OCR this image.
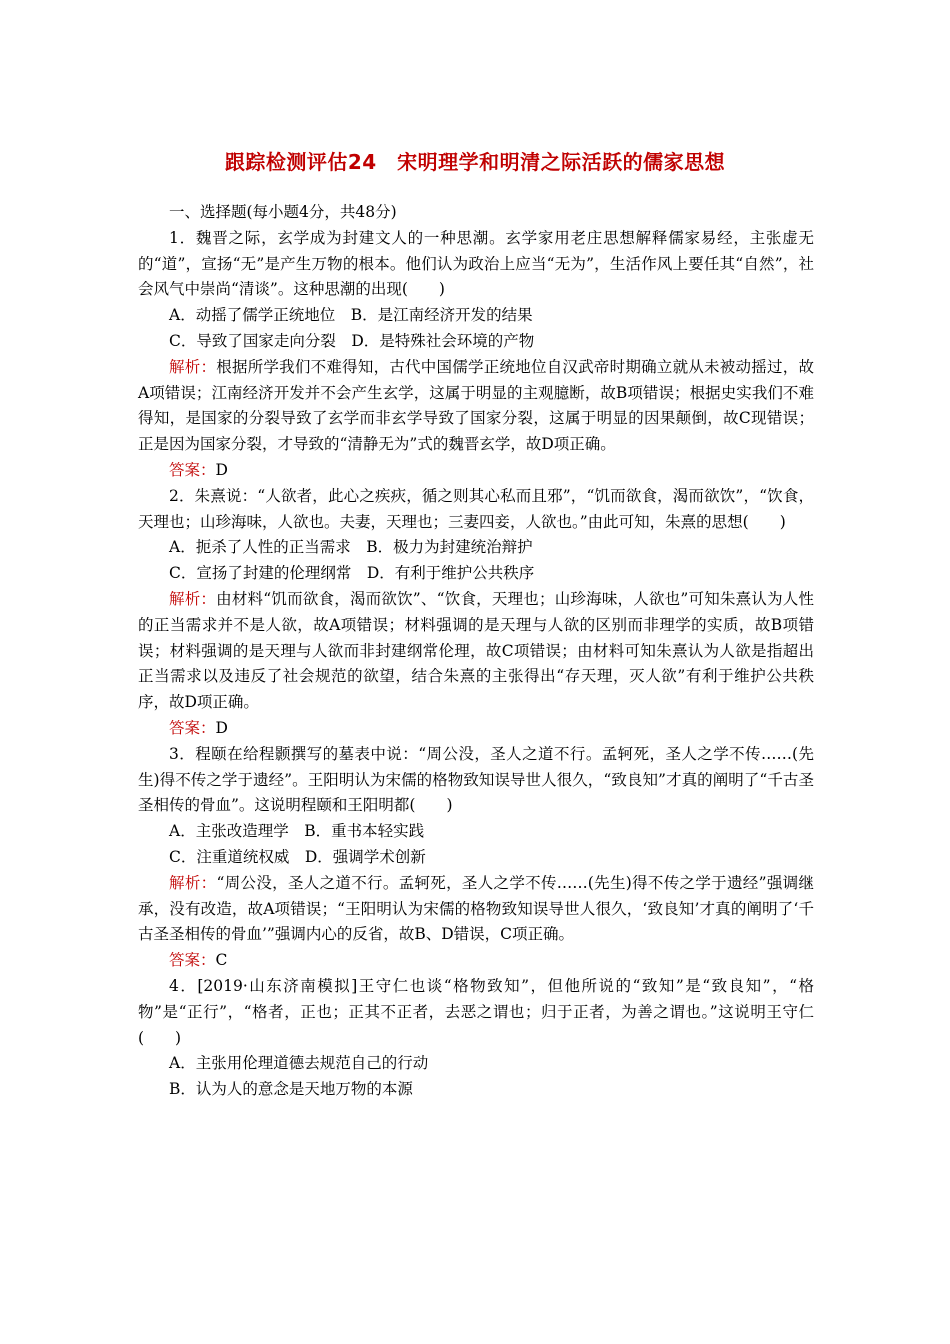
跟踪检测评估24　宋明理学和明清之际活跃的儒家思想

一、选择题(每小题4分，共48分)

1．魏晋之际，玄学成为封建文人的一种思潮。玄学家用老庄思想解释儒家易经，主张虚无的“道”，宣扬“无”是产生万物的根本。他们认为政治上应当“无为”，生活作风上要任其“自然”，社会风气中崇尚“清谈”。这种思潮的出现(　　)

A．动摇了儒学正统地位　B．是江南经济开发的结果

C．导致了国家走向分裂　D．是特殊社会环境的产物

解析：根据所学我们不难得知，古代中国儒学正统地位自汉武帝时期确立就从未被动摇过，故A项错误；江南经济开发并不会产生玄学，这属于明显的主观臆断，故B项错误；根据史实我们不难得知，是国家的分裂导致了玄学而非玄学导致了国家分裂，这属于明显的因果颠倒，故C现错误；正是因为国家分裂，才导致的“清静无为”式的魏晋玄学，故D项正确。

答案：D

2．朱熹说：“人欲者，此心之疾疢，循之则其心私而且邪”，“饥而欲食，渴而欲饮”，“饮食，天理也；山珍海味，人欲也。夫妻，天理也；三妻四妾，人欲也。”由此可知，朱熹的思想(　　)

A．扼杀了人性的正当需求　B．极力为封建统治辩护

C．宣扬了封建的伦理纲常　D．有利于维护公共秩序

解析：由材料“饥而欲食，渴而欲饮”、“饮食，天理也；山珍海味，人欲也”可知朱熹认为人性的正当需求并不是人欲，故A项错误；材料强调的是天理与人欲的区别而非理学的实质，故B项错误；材料强调的是天理与人欲而非封建纲常伦理，故C项错误；由材料可知朱熹认为人欲是指超出正当需求以及违反了社会规范的欲望，结合朱熹的主张得出“存天理，灭人欲”有利于维护公共秩序，故D项正确。

答案：D

3．程颐在给程颢撰写的墓表中说：“周公没，圣人之道不行。孟轲死，圣人之学不传……(先生)得不传之学于遗经”。王阳明认为宋儒的格物致知误导世人很久，“致良知”才真的阐明了“千古圣圣相传的骨血”。这说明程颐和王阳明都(　　)

A．主张改造理学　B．重书本轻实践

C．注重道统权威　D．强调学术创新

解析：“周公没，圣人之道不行。孟轲死，圣人之学不传……(先生)得不传之学于遗经”强调继承，没有改造，故A项错误；“王阳明认为宋儒的格物致知误导世人很久，‘致良知’才真的阐明了‘千古圣圣相传的骨血’”强调内心的反省，故B、D错误，C项正确。

答案：C

4．[2019·山东济南模拟]王守仁也谈“格物致知”，但他所说的“致知”是“致良知”，“格物”是“正行”，“格者，正也；正其不正者，去恶之谓也；归于正者，为善之谓也。”这说明王守仁(　　)

A．主张用伦理道德去规范自己的行动

B．认为人的意念是天地万物的本源
